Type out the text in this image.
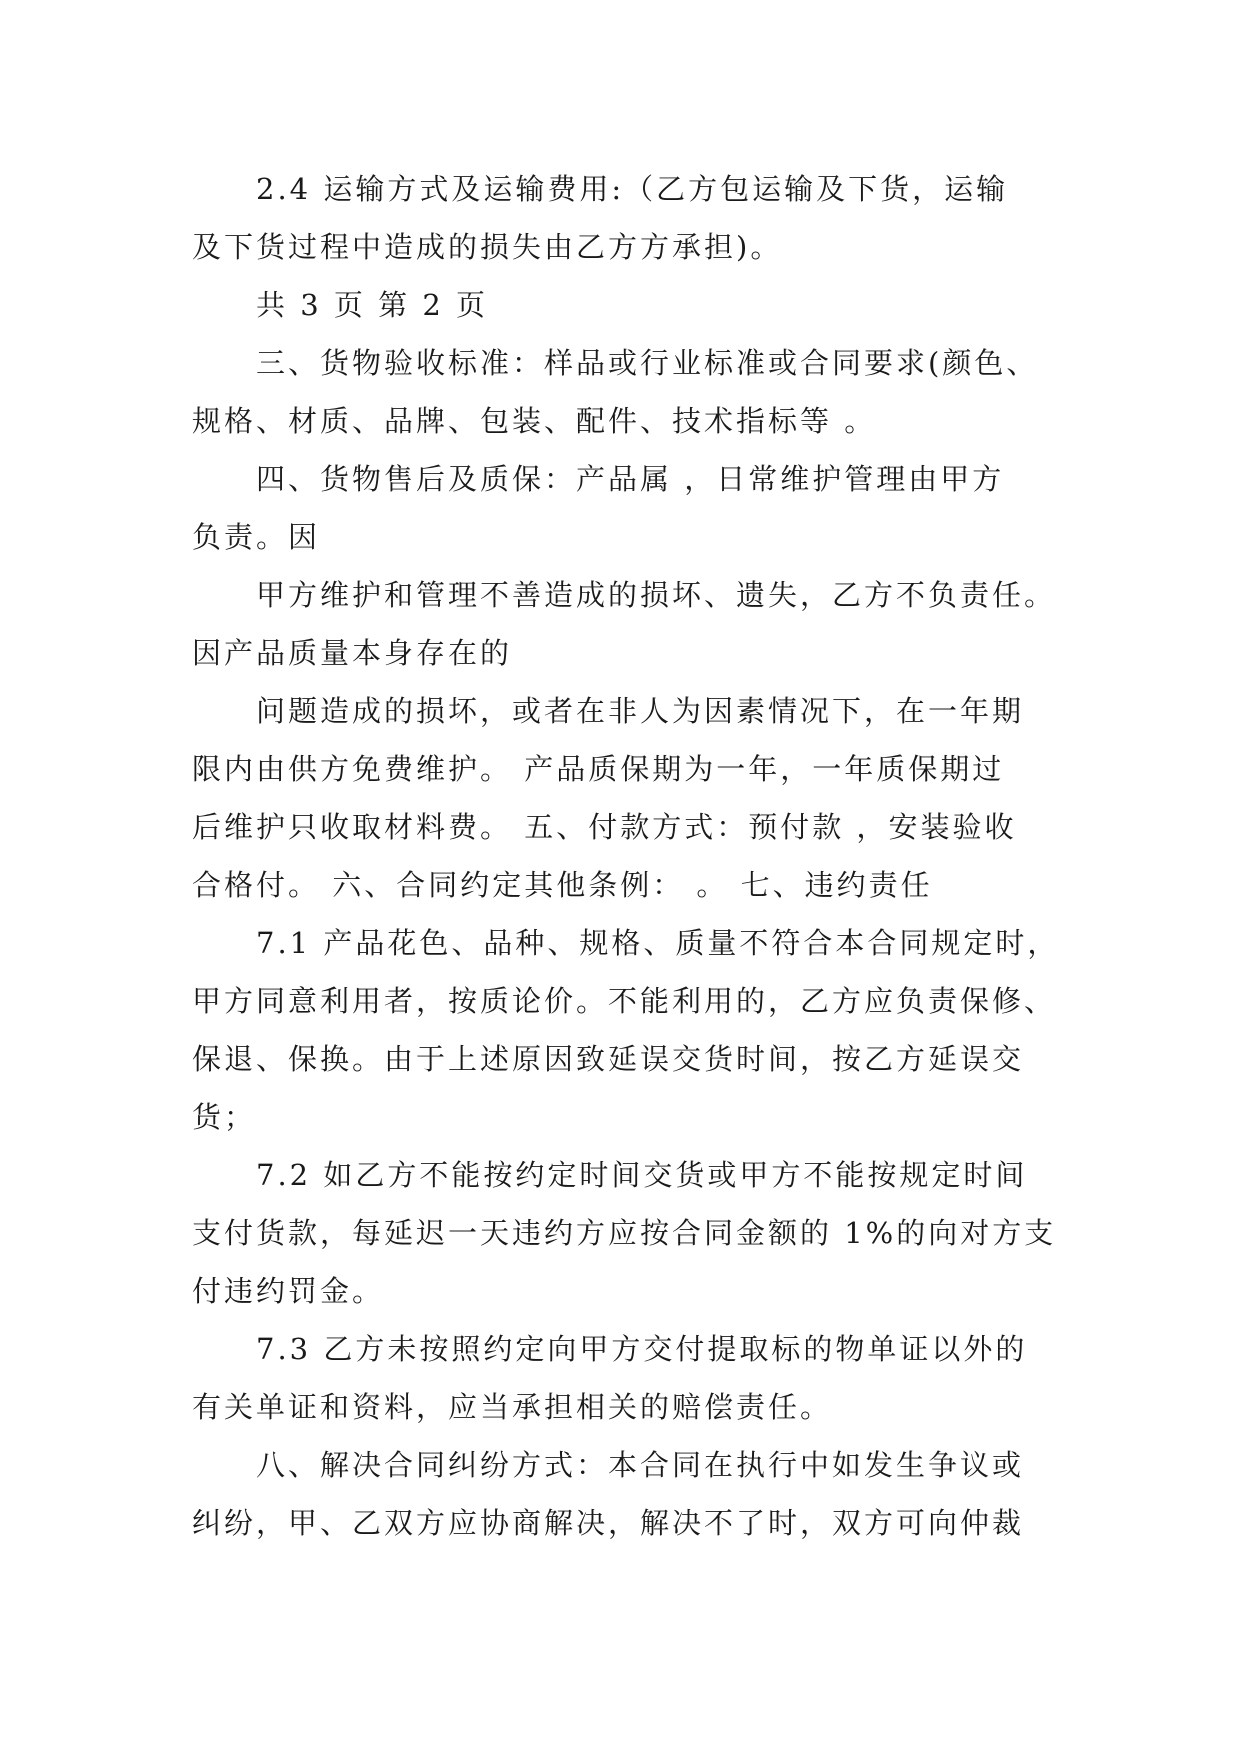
2.4 运输方式及运输费用:（乙方包运输及下货，运输
及下货过程中造成的损失由乙方方承担)。
共 3 页 第 2 页
三、货物验收标准：样品或行业标准或合同要求(颜色、
规格、材质、品牌、包装、配件、技术指标等 。
四、货物售后及质保：产品属 ，日常维护管理由甲方
负责。因
甲方维护和管理不善造成的损坏、遗失，乙方不负责任。
因产品质量本身存在的
问题造成的损坏，或者在非人为因素情况下，在一年期
限内由供方免费维护。 产品质保期为一年，一年质保期过
后维护只收取材料费。 五、付款方式：预付款 ，安装验收
合格付。 六、合同约定其他条例： 。 七、违约责任
7.1 产品花色、品种、规格、质量不符合本合同规定时，
甲方同意利用者，按质论价。不能利用的，乙方应负责保修、
保退、保换。由于上述原因致延误交货时间，按乙方延误交
货；
7.2 如乙方不能按约定时间交货或甲方不能按规定时间
支付货款，每延迟一天违约方应按合同金额的 1%的向对方支
付违约罚金。
7.3 乙方未按照约定向甲方交付提取标的物单证以外的
有关单证和资料，应当承担相关的赔偿责任。
八、解决合同纠纷方式：本合同在执行中如发生争议或
纠纷，甲、乙双方应协商解决，解决不了时，双方可向仲裁
